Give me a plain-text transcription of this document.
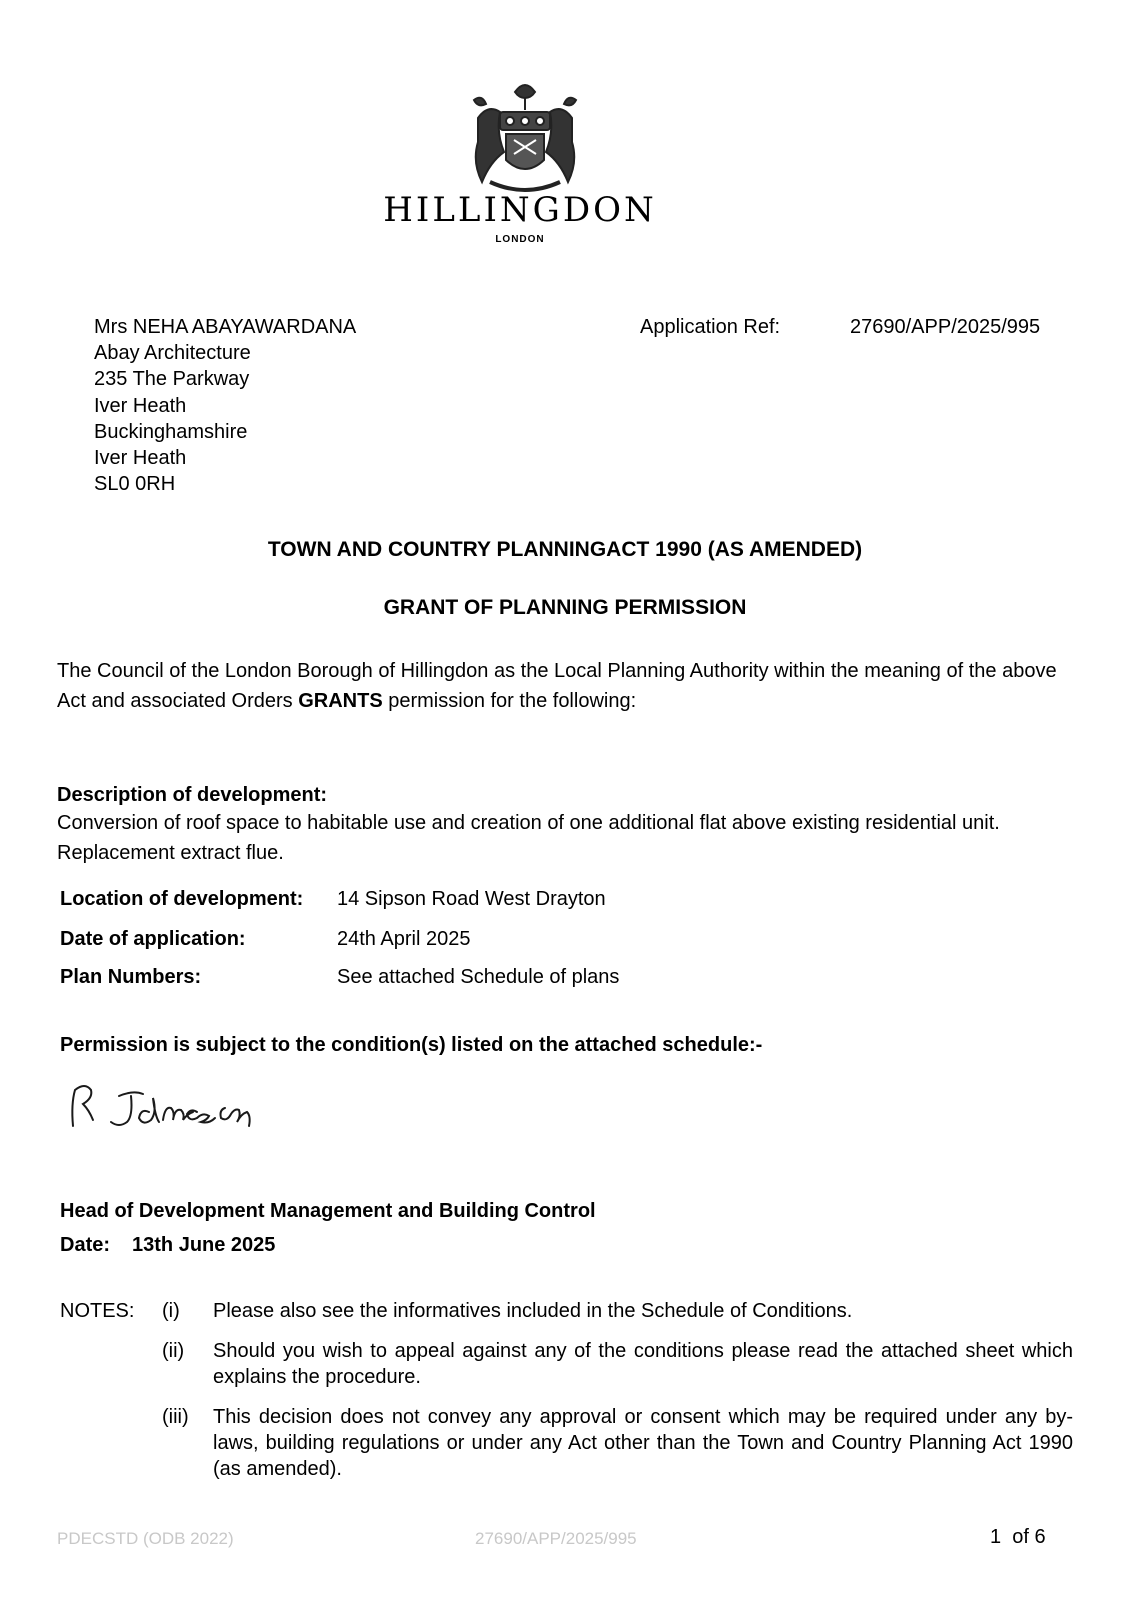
HILLINGDON
LONDON
Mrs NEHA ABAYAWARDANA
Abay Architecture
235 The Parkway
Iver Heath
Buckinghamshire
Iver Heath
SL0 0RH
Application Ref:	27690/APP/2025/995
TOWN AND COUNTRY PLANNINGACT 1990 (AS AMENDED)
GRANT OF PLANNING PERMISSION
The Council of the London Borough of Hillingdon as the Local Planning Authority within the meaning of the above Act and associated Orders GRANTS permission for the following:
Description of development:
Conversion of roof space to habitable use and creation of one additional flat above existing residential unit. Replacement extract flue.
Location of development: 14 Sipson Road West Drayton
Date of application:	24th April 2025
Plan Numbers:	See attached Schedule of plans
Permission is subject to the condition(s) listed on the attached schedule:-
Head of Development Management and Building Control
Date: 13th June 2025
NOTES: (i) Please also see the informatives included in the Schedule of Conditions.
(ii) Should you wish to appeal against any of the conditions please read the attached sheet which explains the procedure.
(iii) This decision does not convey any approval or consent which may be required under any by-laws, building regulations or under any Act other than the Town and Country Planning Act 1990 (as amended).
PDECSTD (ODB 2022)	27690/APP/2025/995	1 of 6
